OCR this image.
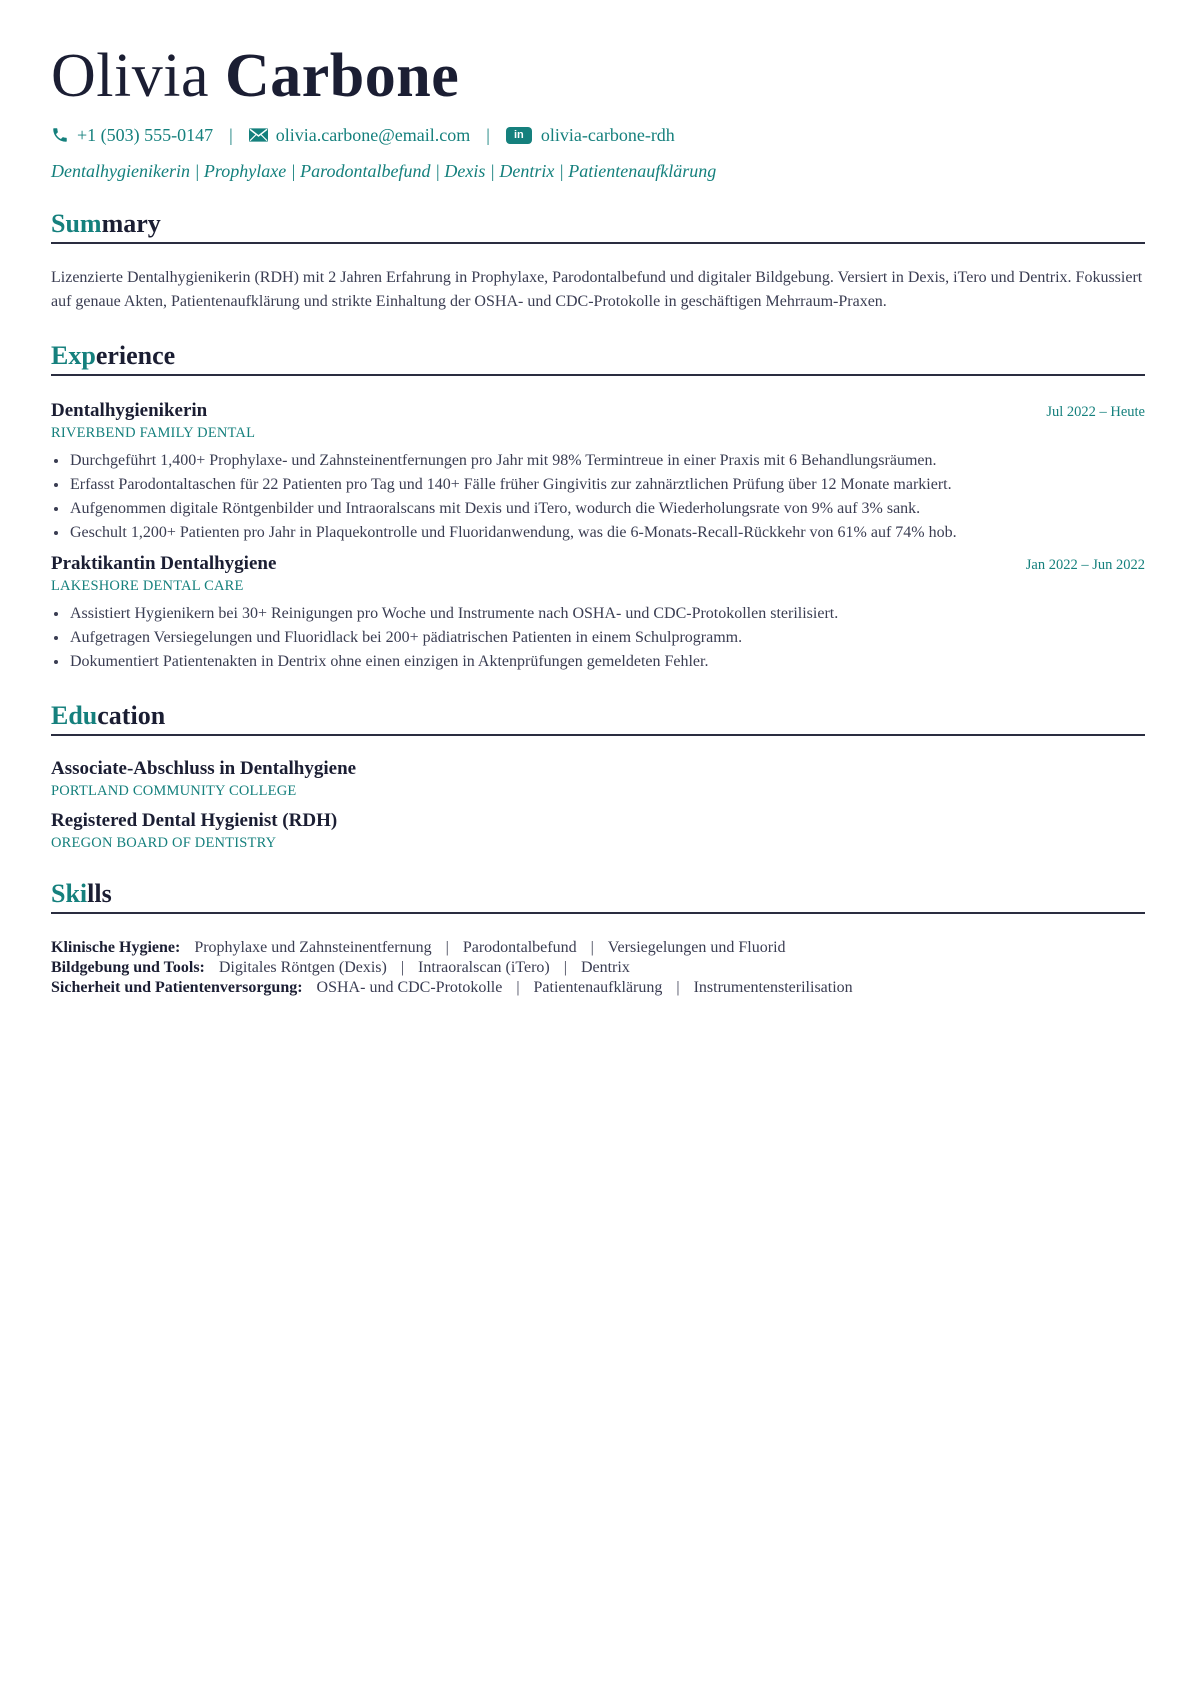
Olivia Carbone
+1 (503) 555-0147 | olivia.carbone@email.com |	in olivia-carbone-rdh
Dentalhygienikerin | Prophylaxe | Parodontalbefund | Dexis | Dentrix | Patientenaufklärung
Summary
Lizenzierte Dentalhygienikerin (RDH) mit 2 Jahren Erfahrung in Prophylaxe, Parodontalbefund und digitaler Bildgebung. Versiert in Dexis, iTero und Dentrix. Fokussiert auf genaue Akten, Patientenaufklärung und strikte Einhaltung der OSHA- und CDC-Protokolle in geschäftigen Mehrraum-Praxen.
Experience
Dentalhygienikerin	Jul 2022 – Heute
RIVERBEND FAMILY DENTAL
• Durchgeführt 1,400+ Prophylaxe- und Zahnsteinentfernungen pro Jahr mit 98% Termintreue in einer Praxis mit 6 Behandlungsräumen.
• Erfasst Parodontaltaschen für 22 Patienten pro Tag und 140+ Fälle früher Gingivitis zur zahnärztlichen Prüfung über 12 Monate markiert.
• Aufgenommen digitale Röntgenbilder und Intraoralscans mit Dexis und iTero, wodurch die Wiederholungsrate von 9% auf 3% sank.
• Geschult 1,200+ Patienten pro Jahr in Plaquekontrolle und Fluoridanwendung, was die 6-Monats-Recall-Rückkehr von 61% auf 74% hob.
Praktikantin Dentalhygiene	Jan 2022 – Jun 2022
LAKESHORE DENTAL CARE
• Assistiert Hygienikern bei 30+ Reinigungen pro Woche und Instrumente nach OSHA- und CDC-Protokollen sterilisiert.
• Aufgetragen Versiegelungen und Fluoridlack bei 200+ pädiatrischen Patienten in einem Schulprogramm.
• Dokumentiert Patientenakten in Dentrix ohne einen einzigen in Aktenprüfungen gemeldeten Fehler.
Education
Associate-Abschluss in Dentalhygiene
PORTLAND COMMUNITY COLLEGE
Registered Dental Hygienist (RDH)
OREGON BOARD OF DENTISTRY
Skills
Klinische Hygiene: Prophylaxe und Zahnsteinentfernung | Parodontalbefund | Versiegelungen und Fluorid
Bildgebung und Tools: Digitales Röntgen (Dexis) | Intraoralscan (iTero) | Dentrix
Sicherheit und Patientenversorgung: OSHA- und CDC-Protokolle | Patientenaufklärung | Instrumentensterilisation
